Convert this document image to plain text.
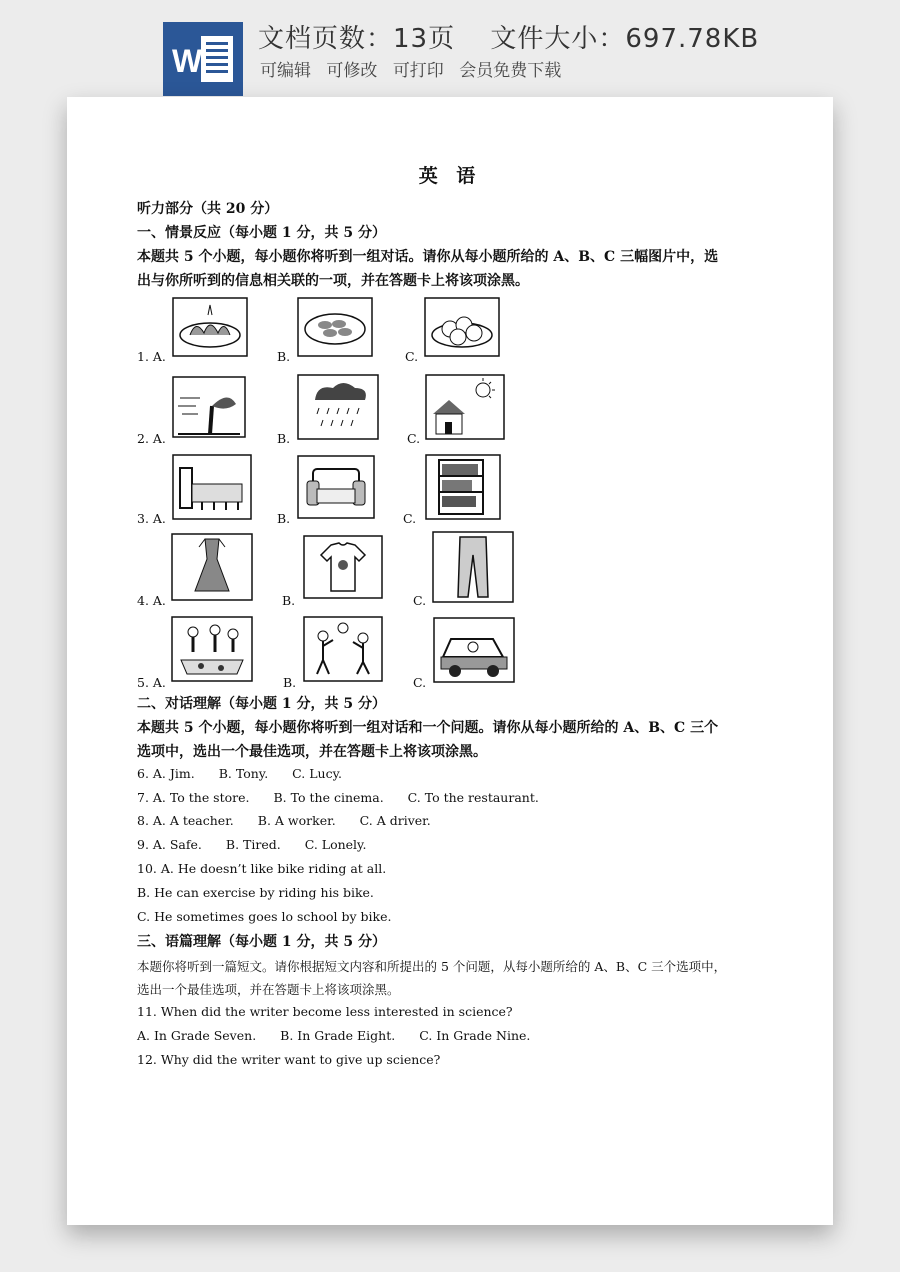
W
文档页数：13页 文件大小：697.78KB
可编辑 可修改 可打印 会员免费下载
英 语
听力部分（共 20 分）
一、情景反应（每小题 1 分，共 5 分）
本题共 5 个小题，每小题你将听到一组对话。请你从每小题所给的 A、B、C 三幅图片中，选
出与你所听到的信息相关联的一项，并在答题卡上将该项涂黑。
1. A.	B.	C.
2. A.	B.	C.
3. A.	B.	C.
4. A.	B.	C.
5. A.	B.	C.
二、对话理解（每小题 1 分，共 5 分）
本题共 5 个小题，每小题你将听到一组对话和一个问题。请你从每小题所给的 A、B、C 三个
选项中，选出一个最佳选项，并在答题卡上将该项涂黑。
6. A. Jim. B. Tony. C. Lucy.
7. A. To the store. B. To the cinema. C. To the restaurant.
8. A. A teacher. B. A worker. C. A driver.
9. A. Safe. B. Tired. C. Lonely.
10. A. He doesn’t like bike riding at all.
B. He can exercise by riding his bike.
C. He sometimes goes lo school by bike.
三、语篇理解（每小题 1 分，共 5 分）
本题你将听到一篇短文。请你根据短文内容和所提出的 5 个问题，从每小题所给的 A、B、C 三个选项中，
选出一个最佳选项，并在答题卡上将该项涂黑。
11. When did the writer become less interested in science?
A. In Grade Seven. B. In Grade Eight. C. In Grade Nine.
12. Why did the writer want to give up science?
